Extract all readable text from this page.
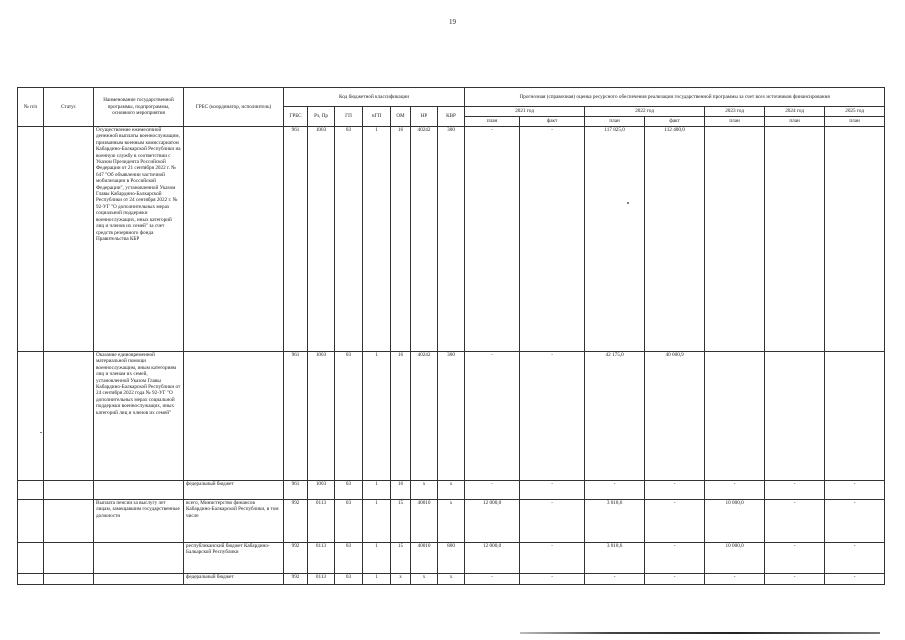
19
№ п/п	Статус	Наименование государственной программы, подпрограммы, основного мероприятия	ГРБС (координатор, исполнитель)	Код бюджетной классификации							Прогнозная (справочная) оценка ресурсного обеспечения реализации государственной программы за счет всех источников финансирования						
				ГРБС	Рз, Пр	ГП	пГП	ОМ	НР	КВР	2021 год		2022 год		2023 год	2024 год	2025 год
											план	факт	план	факт	план	план	план
		Осуществление ежемесячной денежной выплаты военнослужащим, призванным военным комиссариатом Кабардино-Балкарской Республики на военную службу в соответствии с Указом Президента Российской Федерации от 21 сентября 2022 г. № 647 "Об объявлении частичной мобилизации в Российской Федерации", установленной Указом Главы Кабардино-Балкарской Республики от 24 сентября 2022 г. № 92-УГ "О дополнительных мерах социальной поддержки военнослужащих, иных категорий лиц и членов их семей" за счет средств резервного фонда Правительства КБР		961	1003	03	1	16	40242	300	-	-	117 825,0	112 400,0			
		Оказание единовременной материальной помощи военнослужащим, иным категориям лиц и членам их семей, установленной Указом Главы Кабардино-Балкарской Республики от 24 сентября 2022 года № 92-УГ "О дополнительных мерах социальной поддержки военнослужащих, иных категорий лиц и членов их семей"		961	1003	03	1	16	40242	300	-	-	42 175,0	40 600,9			
			федеральный бюджет	961	1003	03	1	16	x	x	-	-	-	-	-	-	-
		Выплата пенсии за выслугу лет лицам, замещавшим государственные должности	всего, Министерство финансов Кабардино-Балкарской Республики, в том числе	992	0113	03	1	15	40010	x	12 000,0	-	3 018,6	-	10 000,0	-	-
			республиканский бюджет Кабардино-Балкарской Республики	992	0113	03	1	15	40010	800	12 000,0	-	3 018,6	-	10 000,0	-	-
			федеральный бюджет	992	0113	03	1	x	x	x	-	-	-	-	-	-	-
